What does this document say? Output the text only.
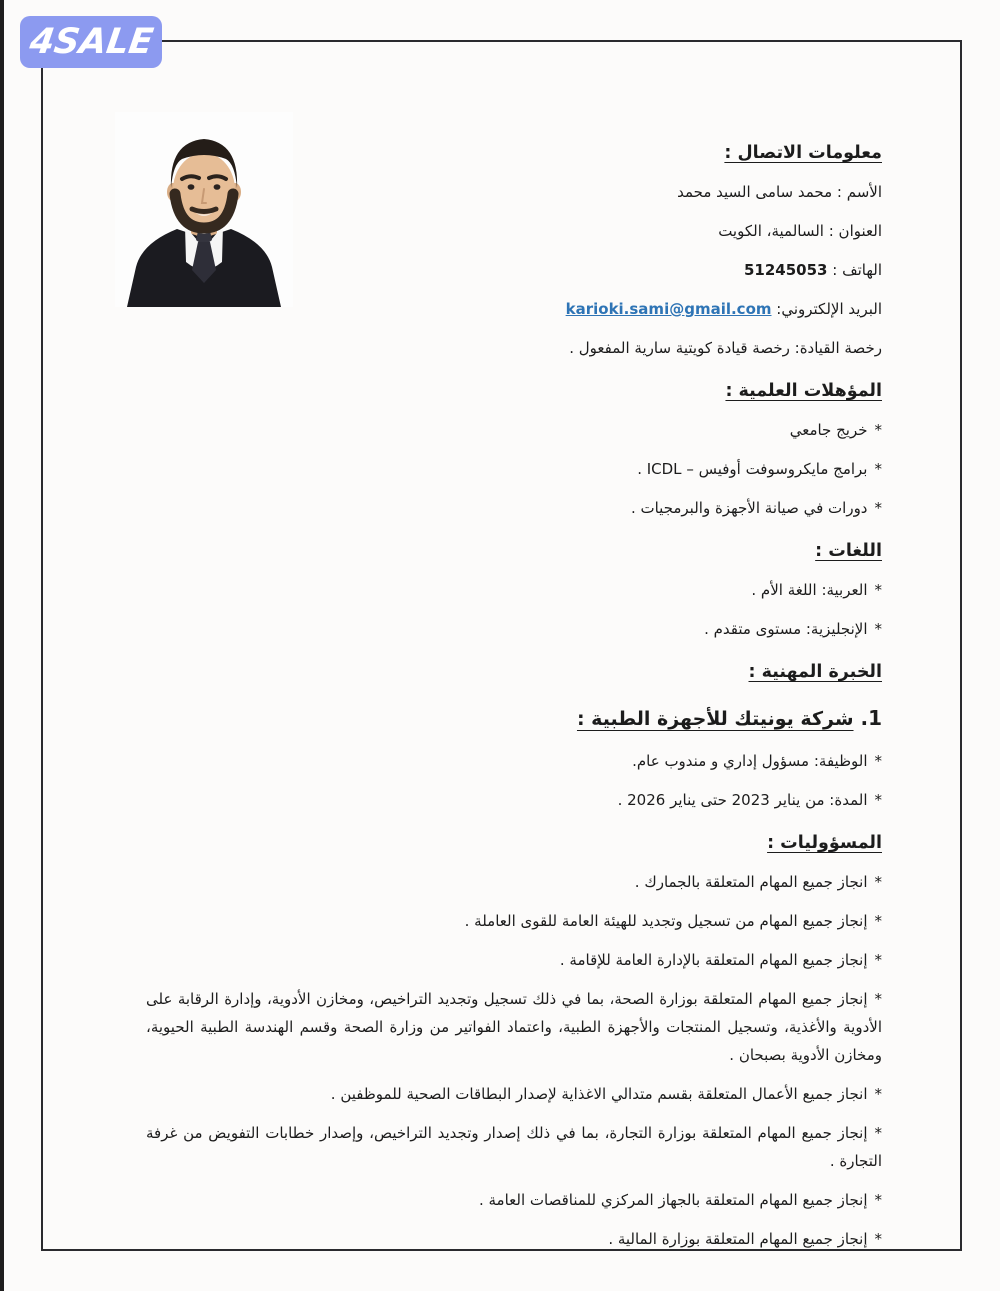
4SALE
معلومات الاتصال :

الأسم : محمد سامى السيد محمد

العنوان : السالمية، الكويت

الهاتف : 51245053

البريد الإلكتروني: karioki.sami@gmail.com

رخصة القيادة: رخصة قيادة كويتية سارية المفعول .

المؤهلات العلمية :

*خريج جامعي

*برامج مايكروسوفت أوفيس – ICDL .

*دورات في صيانة الأجهزة والبرمجيات .

اللغات :

*العربية: اللغة الأم .

*الإنجليزية: مستوى متقدم .

الخبرة المهنية :
1. شركة يونيتك للأجهزة الطبية :

*الوظيفة: مسؤول إداري و مندوب عام.

*المدة: من يناير 2023 حتى يناير 2026 .

المسؤوليات :

*انجاز جميع المهام المتعلقة بالجمارك .

*إنجاز جميع المهام من تسجيل وتجديد للهيئة العامة للقوى العاملة .

*إنجاز جميع المهام المتعلقة بالإدارة العامة للإقامة .

*إنجاز جميع المهام المتعلقة بوزارة الصحة، بما في ذلك تسجيل وتجديد التراخيص، ومخازن الأدوية، وإدارة الرقابة على الأدوية والأغذية، وتسجيل المنتجات والأجهزة الطبية، واعتماد الفواتير من وزارة الصحة وقسم الهندسة الطبية الحيوية، ومخازن الأدوية بصبحان .

*انجاز جميع الأعمال المتعلقة بقسم متدالي الاغذاية لإصدار البطاقات الصحية للموظفين .

*إنجاز جميع المهام المتعلقة بوزارة التجارة، بما في ذلك إصدار وتجديد التراخيص، وإصدار خطابات التفويض من غرفة التجارة .

*إنجاز جميع المهام المتعلقة بالجهاز المركزي للمناقصات العامة .

*إنجاز جميع المهام المتعلقة بوزارة المالية .
